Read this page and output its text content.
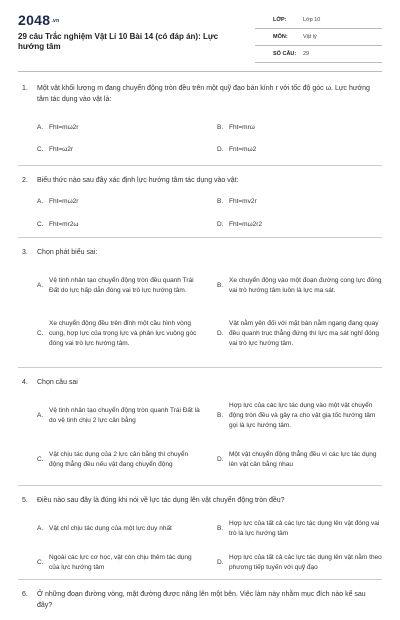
2048.vn
29 câu Trắc nghiệm Vật Lí 10 Bài 14 (có đáp án): Lực hướng tâm
LỚP:	Lớp 10
MÔN:	Vật lý
SỐ CÂU: 29
1. Một vật khối lượng m đang chuyển động tròn đều trên một quỹ đạo bán kính r với tốc độ góc ω. Lực hướng tâm tác dụng vào vật là:
A. Fht=mω2r	B. Fht=mrω
C. Fht=ω2r	D. Fnt=mω2
2. Biểu thức nào sau đây xác định lực hướng tâm tác dụng vào vật:
A. Fht=mω2r	B. Fht=mv2r
C. Fht=mr2ω	D. Fht=mω2r2
3. Chọn phát biểu sai:
A.
Vệ tinh nhân tạo chuyển động tròn đều quanh Trái Đất do lực hấp dẫn đóng vai trò lực hướng tâm.
B.
Xe chuyển động vào một đoạn đường cong lực đóng vai trò hướng tâm luôn là lực ma sát.
C.
Xe chuyển động đều trên đỉnh một cầu hình vòng cung, hợp lực của trọng lực và phản lực vuông góc đóng vai trò lực hướng tâm.
D.
Vật nằm yên đối với mặt bàn nằm ngang đang quay đều quanh trục thẳng đứng thì lực ma sát nghỉ đóng vai trò lực hướng tâm.
4. Chọn câu sai
A.
Vệ tinh nhân tạo chuyển động tròn quanh Trái Đất là do vệ tinh chịu 2 lực cân bằng
B.
Hợp lực của các lực tác dụng vào một vật chuyển động tròn đều và gây ra cho vật gia tốc hướng tâm gọi là lực hướng tâm.
C.
Vật chịu tác dụng của 2 lực cân bằng thì chuyển động thẳng đều nếu vật đang chuyển động
D.
Một vật chuyển động thẳng đều vì các lực tác dụng lên vật cân bằng nhau
5. Điều nào sau đây là đúng khi nói về lực tác dụng lên vật chuyển động tròn đều?
A. Vật chỉ chịu tác dụng của một lực duy nhất	B.
Hợp lực của tất cả các lực tác dụng lên vật đóng vai trò là lực hướng tâm
C.
Ngoài các lực cơ học, vật còn chịu thêm tác dụng của lực hướng tâm
D.
Hợp lực của tất cả các lực tác dụng lên vật nằm theo phương tiếp tuyến với quỹ đạo
6. Ở những đoạn đường vòng, mặt đường được nâng lên một bên. Việc làm này nhằm mục đích nào kể sau đây?
